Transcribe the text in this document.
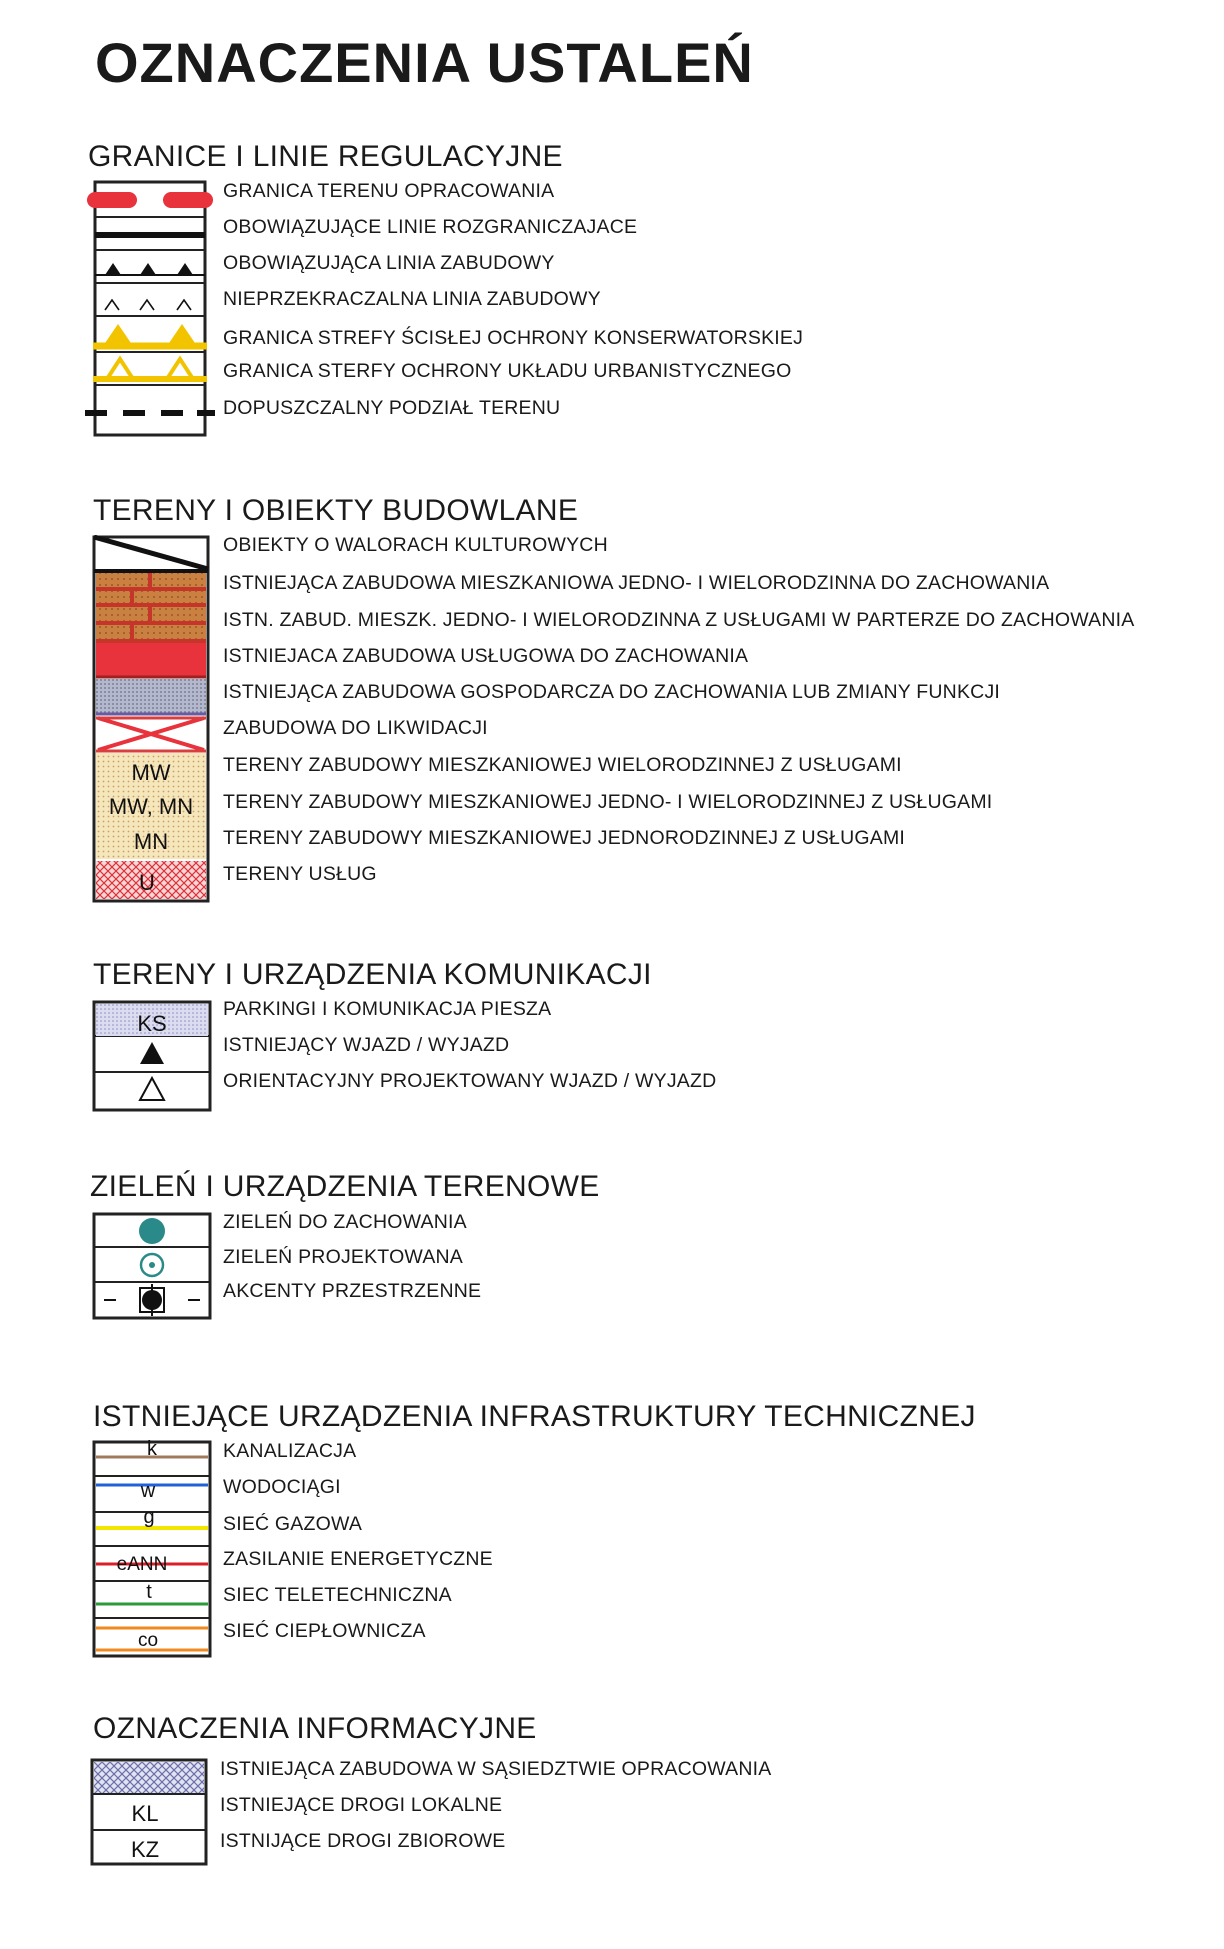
OZNACZENIA USTALEŃ
GRANICE I LINIE REGULACYJNE
GRANICA TERENU OPRACOWANIA
OBOWIĄZUJĄCE LINIE ROZGRANICZAJACE
OBOWIĄZUJĄCA LINIA ZABUDOWY
NIEPRZEKRACZALNA LINIA ZABUDOWY
GRANICA STREFY ŚCISŁEJ OCHRONY KONSERWATORSKIEJ
GRANICA STERFY OCHRONY UKŁADU URBANISTYCZNEGO
DOPUSZCZALNY PODZIAŁ TERENU
TERENY I OBIEKTY BUDOWLANE
MW
MW, MN
MN
U
OBIEKTY O WALORACH KULTUROWYCH
ISTNIEJĄCA ZABUDOWA MIESZKANIOWA JEDNO- I WIELORODZINNA DO ZACHOWANIA
ISTN. ZABUD. MIESZK. JEDNO- I WIELORODZINNA Z USŁUGAMI W PARTERZE DO ZACHOWANIA
ISTNIEJACA ZABUDOWA USŁUGOWA DO ZACHOWANIA
ISTNIEJĄCA ZABUDOWA GOSPODARCZA DO ZACHOWANIA LUB ZMIANY FUNKCJI
ZABUDOWA DO LIKWIDACJI
TERENY ZABUDOWY MIESZKANIOWEJ WIELORODZINNEJ Z USŁUGAMI
TERENY ZABUDOWY MIESZKANIOWEJ JEDNO- I WIELORODZINNEJ Z USŁUGAMI
TERENY ZABUDOWY MIESZKANIOWEJ JEDNORODZINNEJ Z USŁUGAMI
TERENY USŁUG
TERENY I URZĄDZENIA KOMUNIKACJI
KS
PARKINGI I KOMUNIKACJA PIESZA
ISTNIEJĄCY WJAZD / WYJAZD
ORIENTACYJNY PROJEKTOWANY WJAZD / WYJAZD
ZIELEŃ I URZĄDZENIA TERENOWE
ZIELEŃ DO ZACHOWANIA
ZIELEŃ PROJEKTOWANA
AKCENTY PRZESTRZENNE
ISTNIEJĄCE URZĄDZENIA INFRASTRUKTURY TECHNICZNEJ
k
w
g
eANN
t
co
KANALIZACJA
WODOCIĄGI
SIEĆ GAZOWA
ZASILANIE ENERGETYCZNE
SIEC TELETECHNICZNA
SIEĆ CIEPŁOWNICZA
OZNACZENIA INFORMACYJNE
KL
KZ
ISTNIEJĄCA ZABUDOWA W SĄSIEDZTWIE OPRACOWANIA
ISTNIEJĄCE DROGI LOKALNE
ISTNIJĄCE DROGI ZBIOROWE
